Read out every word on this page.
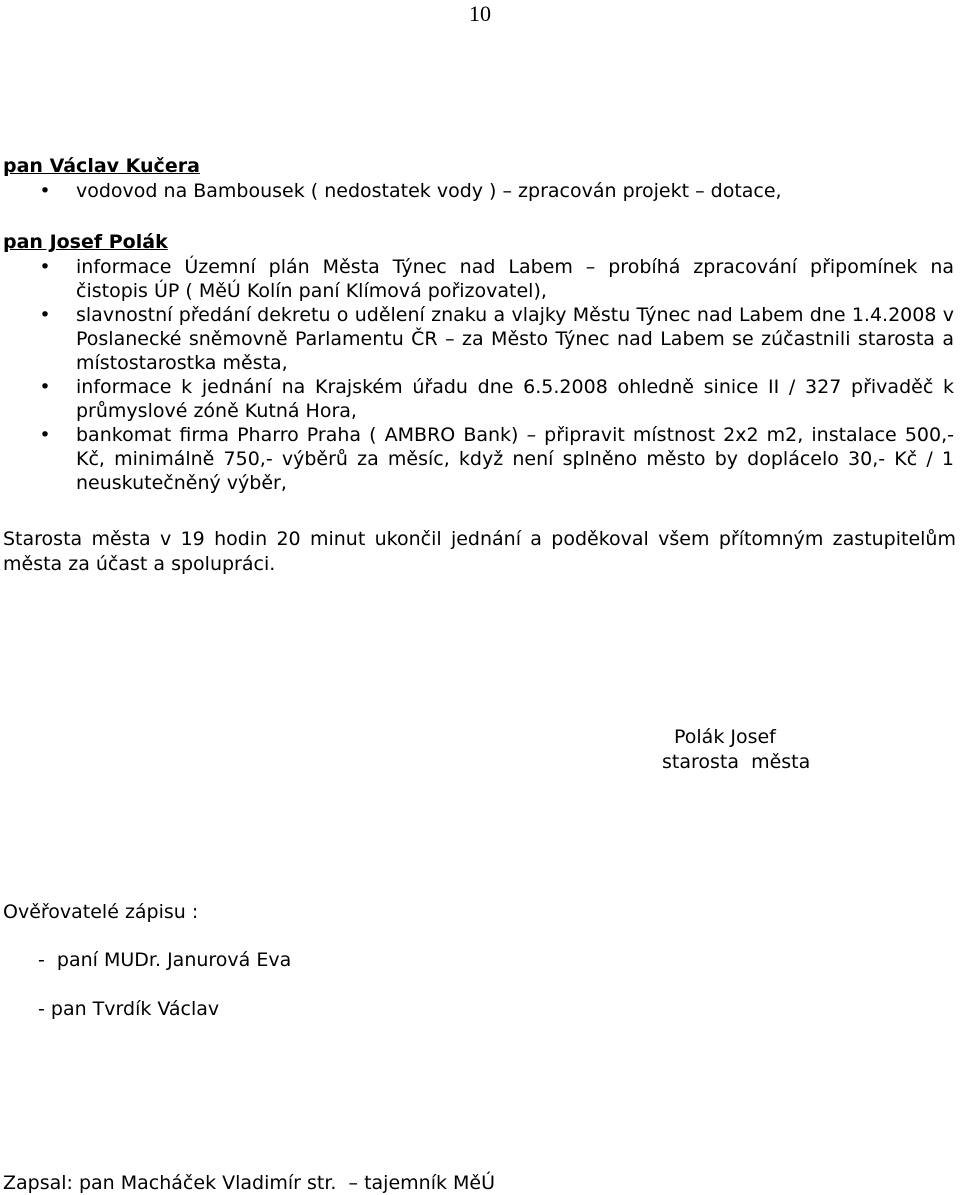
10

pan Václav Kučera

• vodovod na Bambousek ( nedostatek vody ) – zpracován projekt – dotace,

pan Josef Polák

• informace Územní plán Města Týnec nad Labem – probíhá zpracování připomínek na čistopis ÚP ( MěÚ Kolín paní Klímová pořizovatel),
• slavnostní předání dekretu o udělení znaku a vlajky Městu Týnec nad Labem dne 1.4.2008 v Poslanecké sněmovně Parlamentu ČR – za Město Týnec nad Labem se zúčastnili starosta a místostarostka města,
• informace k jednání na Krajském úřadu dne 6.5.2008 ohledně sinice II / 327 přivaděč k průmyslové zóně Kutná Hora,
• bankomat firma Pharro Praha ( AMBRO Bank) – připravit místnost 2x2 m2, instalace 500,- Kč, minimálně 750,- výběrů za měsíc, když není splněno město by doplácelo 30,- Kč / 1 neuskutečněný výběr,

Starosta města v 19 hodin 20 minut ukončil jednání a poděkoval všem přítomným zastupitelům města za účast a spolupráci.

Polák Josef

starosta  města

Ověřovatelé zápisu :

-  paní MUDr. Janurová Eva

- pan Tvrdík Václav

Zapsal: pan Macháček Vladimír str.  – tajemník MěÚ
